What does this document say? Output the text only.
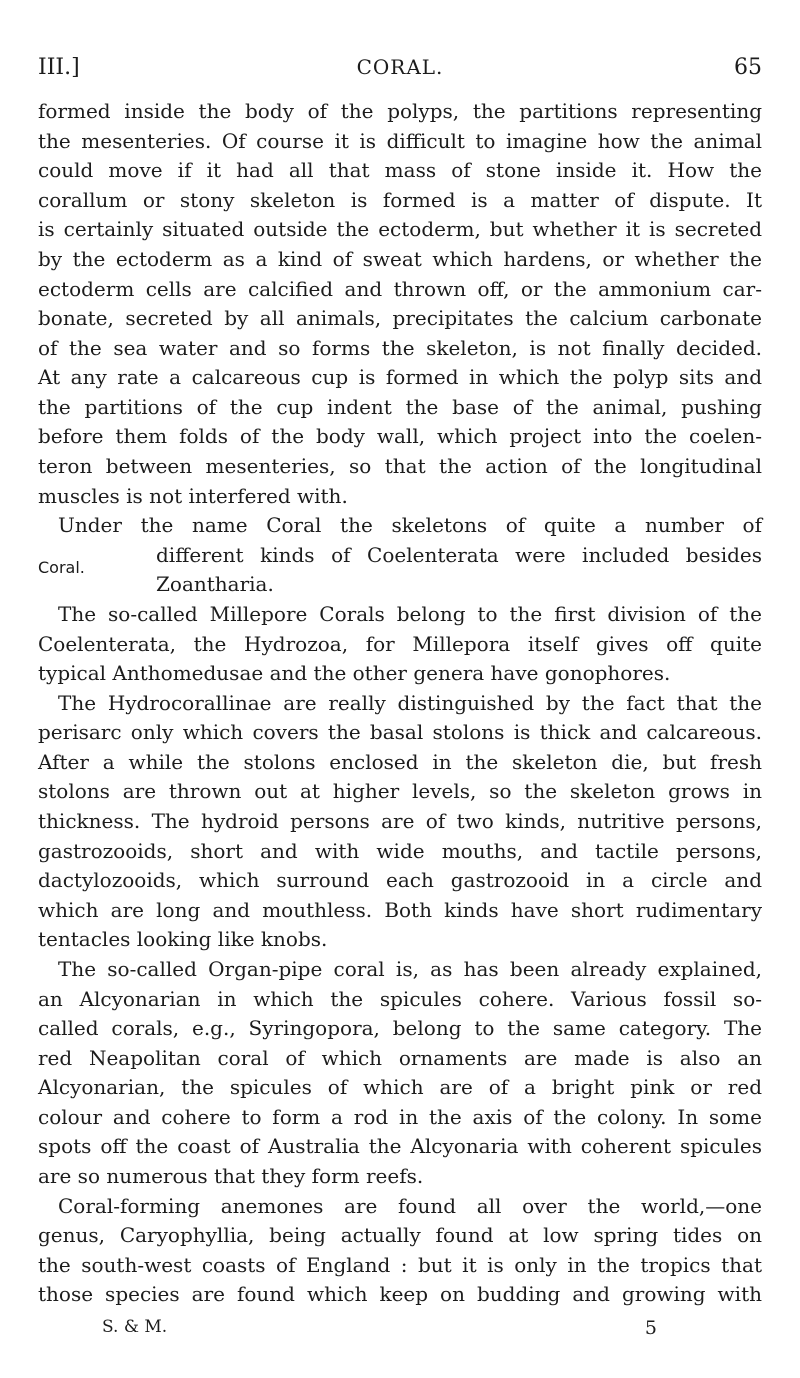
III.]	CORAL.	65
Coral.
formed inside the body of the polyps, the partitions representing
the mesenteries. Of course it is difficult to imagine how the animal
could move if it had all that mass of stone inside it. How the
corallum or stony skeleton is formed is a matter of dispute. It
is certainly situated outside the ectoderm, but whether it is secreted
by the ectoderm as a kind of sweat which hardens, or whether the
ectoderm cells are calcified and thrown off, or the ammonium car-
bonate, secreted by all animals, precipitates the calcium carbonate
of the sea water and so forms the skeleton, is not finally decided.
At any rate a calcareous cup is formed in which the polyp sits and
the partitions of the cup indent the base of the animal, pushing
before them folds of the body wall, which project into the coelen-
teron between mesenteries, so that the action of the longitudinal
muscles is not interfered with.
Under the name Coral the skeletons of quite a number of
different kinds of Coelenterata were included besides
Zoantharia.
The so-called Millepore Corals belong to the first division of the
Coelenterata, the Hydrozoa, for Millepora itself gives off quite
typical Anthomedusae and the other genera have gonophores.
The Hydrocorallinae are really distinguished by the fact that the
perisarc only which covers the basal stolons is thick and calcareous.
After a while the stolons enclosed in the skeleton die, but fresh
stolons are thrown out at higher levels, so the skeleton grows in
thickness. The hydroid persons are of two kinds, nutritive persons,
gastrozooids, short and with wide mouths, and tactile persons,
dactylozooids, which surround each gastrozooid in a circle and
which are long and mouthless. Both kinds have short rudimentary
tentacles looking like knobs.
The so-called Organ-pipe coral is, as has been already explained,
an Alcyonarian in which the spicules cohere. Various fossil so-
called corals, e.g., Syringopora, belong to the same category. The
red Neapolitan coral of which ornaments are made is also an
Alcyonarian, the spicules of which are of a bright pink or red
colour and cohere to form a rod in the axis of the colony. In some
spots off the coast of Australia the Alcyonaria with coherent spicules
are so numerous that they form reefs.
Coral-forming anemones are found all over the world,—one
genus, Caryophyllia, being actually found at low spring tides on
the south-west coasts of England : but it is only in the tropics that
those species are found which keep on budding and growing with
S. & M.	5
